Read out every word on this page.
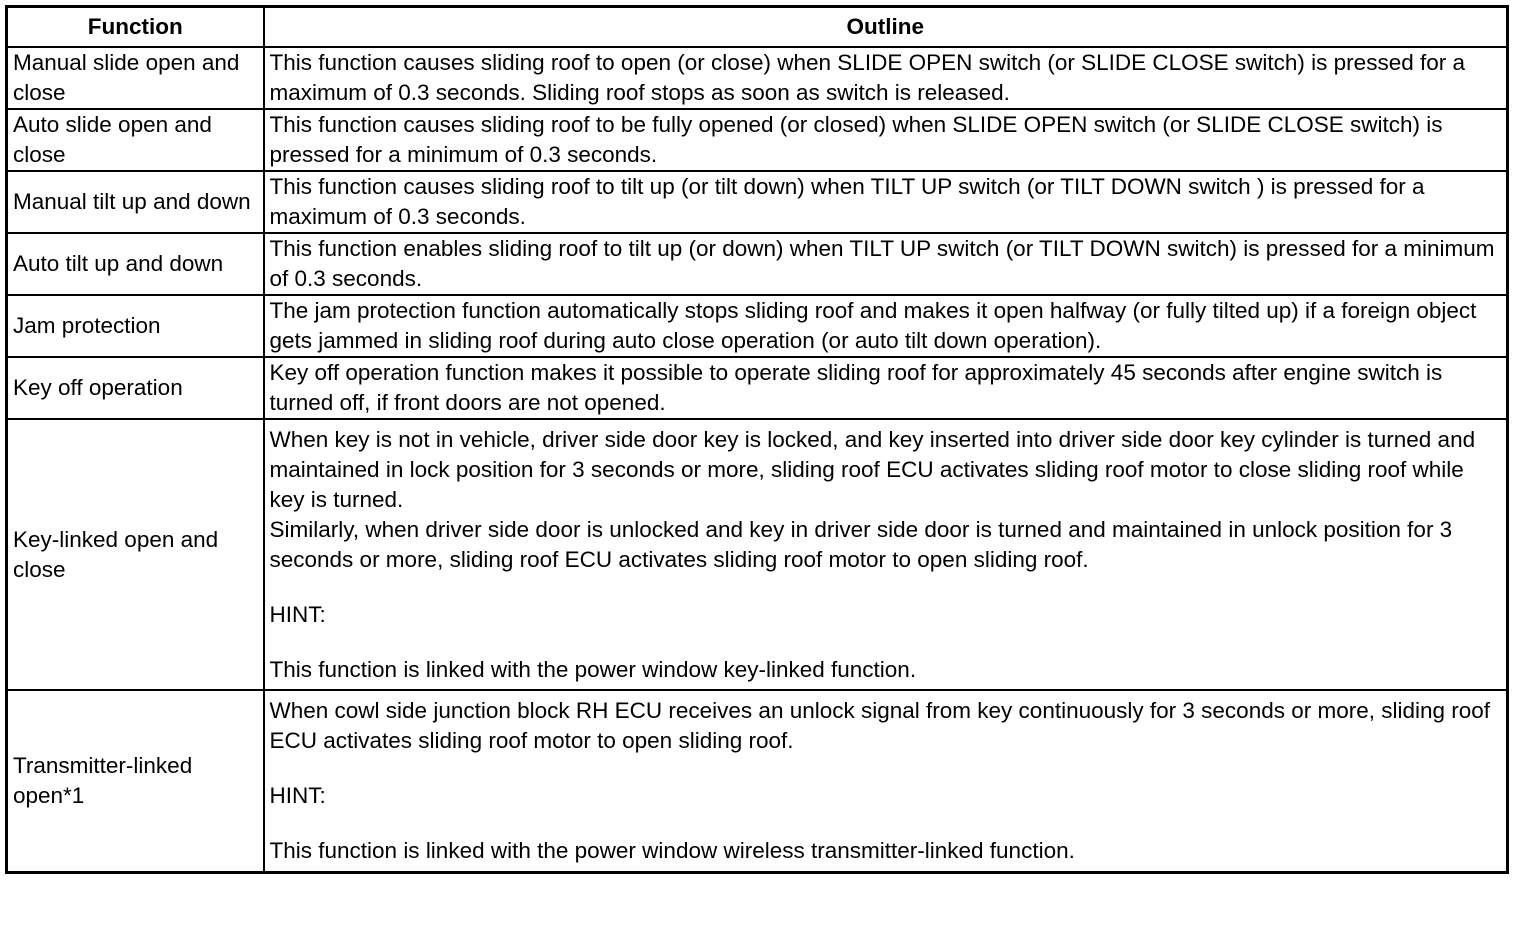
Function	Outline
Manual slide open and close	This function causes sliding roof to open (or close) when SLIDE OPEN switch (or SLIDE CLOSE switch) is pressed for a maximum of 0.3 seconds. Sliding roof stops as soon as switch is released.

Auto slide open and close	This function causes sliding roof to be fully opened (or closed) when SLIDE OPEN switch (or SLIDE CLOSE switch) is pressed for a minimum of 0.3 seconds.

Manual tilt up and down	This function causes sliding roof to tilt up (or tilt down) when TILT UP switch (or TILT DOWN switch ) is pressed for a maximum of 0.3 seconds.

Auto tilt up and down	This function enables sliding roof to tilt up (or down) when TILT UP switch (or TILT DOWN switch) is pressed for a minimum of 0.3 seconds.

Jam protection	The jam protection function automatically stops sliding roof and makes it open halfway (or fully tilted up) if a foreign object gets jammed in sliding roof during auto close operation (or auto tilt down operation).

Key off operation	Key off operation function makes it possible to operate sliding roof for approximately 45 seconds after engine switch is turned off, if front doors are not opened.

Key-linked open and close	When key is not in vehicle, driver side door key is locked, and key inserted into driver side door key cylinder is turned and maintained in lock position for 3 seconds or more, sliding roof ECU activates sliding roof motor to close sliding roof while key is turned.
Similarly, when driver side door is unlocked and key in driver side door is turned and maintained in unlock position for 3 seconds or more, sliding roof ECU activates sliding roof motor to open sliding roof.
HINT:
This function is linked with the power window key-linked function.

Transmitter-linked open*1	When cowl side junction block RH ECU receives an unlock signal from key continuously for 3 seconds or more, sliding roof ECU activates sliding roof motor to open sliding roof.
HINT:
This function is linked with the power window wireless transmitter-linked function.
